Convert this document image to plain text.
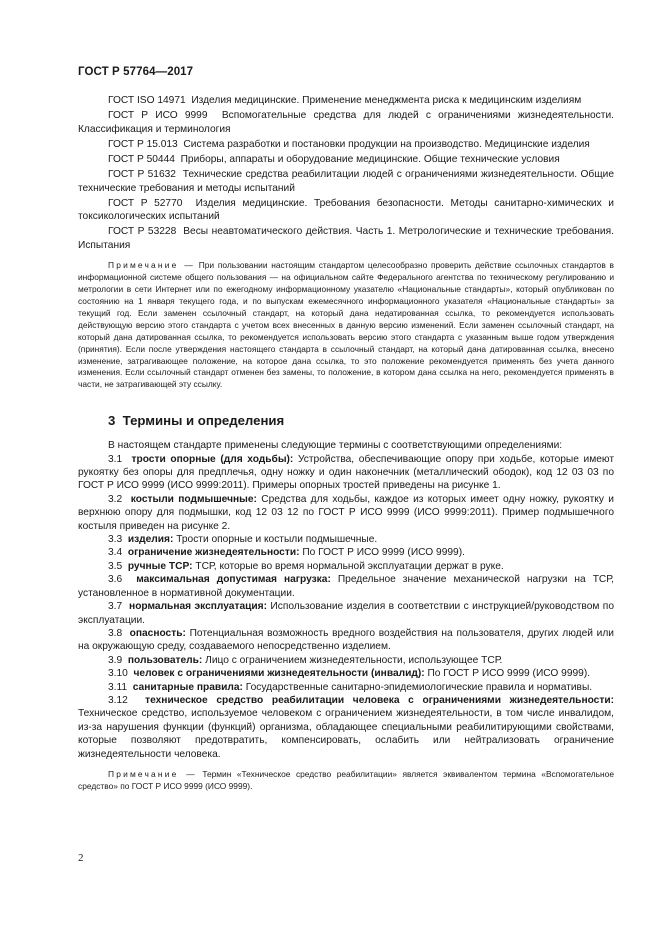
ГОСТ Р 57764—2017

ГОСТ ISO 14971 Изделия медицинские. Применение менеджмента риска к медицинским изделиям

ГОСТ Р ИСО 9999 Вспомогательные средства для людей с ограничениями жизнедеятельности. Классификация и терминология

ГОСТ Р 15.013 Система разработки и постановки продукции на производство. Медицинские изделия

ГОСТ Р 50444 Приборы, аппараты и оборудование медицинские. Общие технические условия

ГОСТ Р 51632 Технические средства реабилитации людей с ограничениями жизнедеятельности. Общие технические требования и методы испытаний

ГОСТ Р 52770 Изделия медицинские. Требования безопасности. Методы санитарно-химических и токсикологических испытаний

ГОСТ Р 53228 Весы неавтоматического действия. Часть 1. Метрологические и технические требования. Испытания

Примечание — При пользовании настоящим стандартом целесообразно проверить действие ссылочных стандартов в информационной системе общего пользования — на официальном сайте Федерального агентства по техническому регулированию и метрологии в сети Интернет или по ежегодному информационному указателю «Национальные стандарты», который опубликован по состоянию на 1 января текущего года, и по выпускам ежемесячного информационного указателя «Национальные стандарты» за текущий год. Если заменен ссылочный стандарт, на который дана недатированная ссылка, то рекомендуется использовать действующую версию этого стандарта с учетом всех внесенных в данную версию изменений. Если заменен ссылочный стандарт, на который дана датированная ссылка, то рекомендуется использовать версию этого стандарта с указанным выше годом утверждения (принятия). Если после утверждения настоящего стандарта в ссылочный стандарт, на который дана датированная ссылка, внесено изменение, затрагивающее положение, на которое дана ссылка, то это положение рекомендуется применять без учета данного изменения. Если ссылочный стандарт отменен без замены, то положение, в котором дана ссылка на него, рекомендуется применять в части, не затрагивающей эту ссылку.

3 Термины и определения

В настоящем стандарте применены следующие термины с соответствующими определениями:

3.1 трости опорные (для ходьбы): Устройства, обеспечивающие опору при ходьбе, которые имеют рукоятку без опоры для предплечья, одну ножку и один наконечник (металлический ободок), код 12 03 03 по ГОСТ Р ИСО 9999 (ИСО 9999:2011). Примеры опорных тростей приведены на рисунке 1.

3.2 костыли подмышечные: Средства для ходьбы, каждое из которых имеет одну ножку, рукоятку и верхнюю опору для подмышки, код 12 03 12 по ГОСТ Р ИСО 9999 (ИСО 9999:2011). Пример подмышечного костыля приведен на рисунке 2.

3.3 изделия: Трости опорные и костыли подмышечные.

3.4 ограничение жизнедеятельности: По ГОСТ Р ИСО 9999 (ИСО 9999).

3.5 ручные ТСР: ТСР, которые во время нормальной эксплуатации держат в руке.

3.6 максимальная допустимая нагрузка: Предельное значение механической нагрузки на ТСР, установленное в нормативной документации.

3.7 нормальная эксплуатация: Использование изделия в соответствии с инструкцией/руководством по эксплуатации.

3.8 опасность: Потенциальная возможность вредного воздействия на пользователя, других людей или на окружающую среду, создаваемого непосредственно изделием.

3.9 пользователь: Лицо с ограничением жизнедеятельности, использующее ТСР.

3.10 человек с ограничениями жизнедеятельности (инвалид): По ГОСТ Р ИСО 9999 (ИСО 9999).

3.11 санитарные правила: Государственные санитарно-эпидемиологические правила и нормативы.

3.12 техническое средство реабилитации человека с ограничениями жизнедеятельности: Техническое средство, используемое человеком с ограничением жизнедеятельности, в том числе инвалидом, из-за нарушения функции (функций) организма, обладающее специальными реабилитирующими свойствами, которые позволяют предотвратить, компенсировать, ослабить или нейтрализовать ограничение жизнедеятельности человека.

Примечание — Термин «Техническое средство реабилитации» является эквивалентом термина «Вспомогательное средство» по ГОСТ Р ИСО 9999 (ИСО 9999).

2
